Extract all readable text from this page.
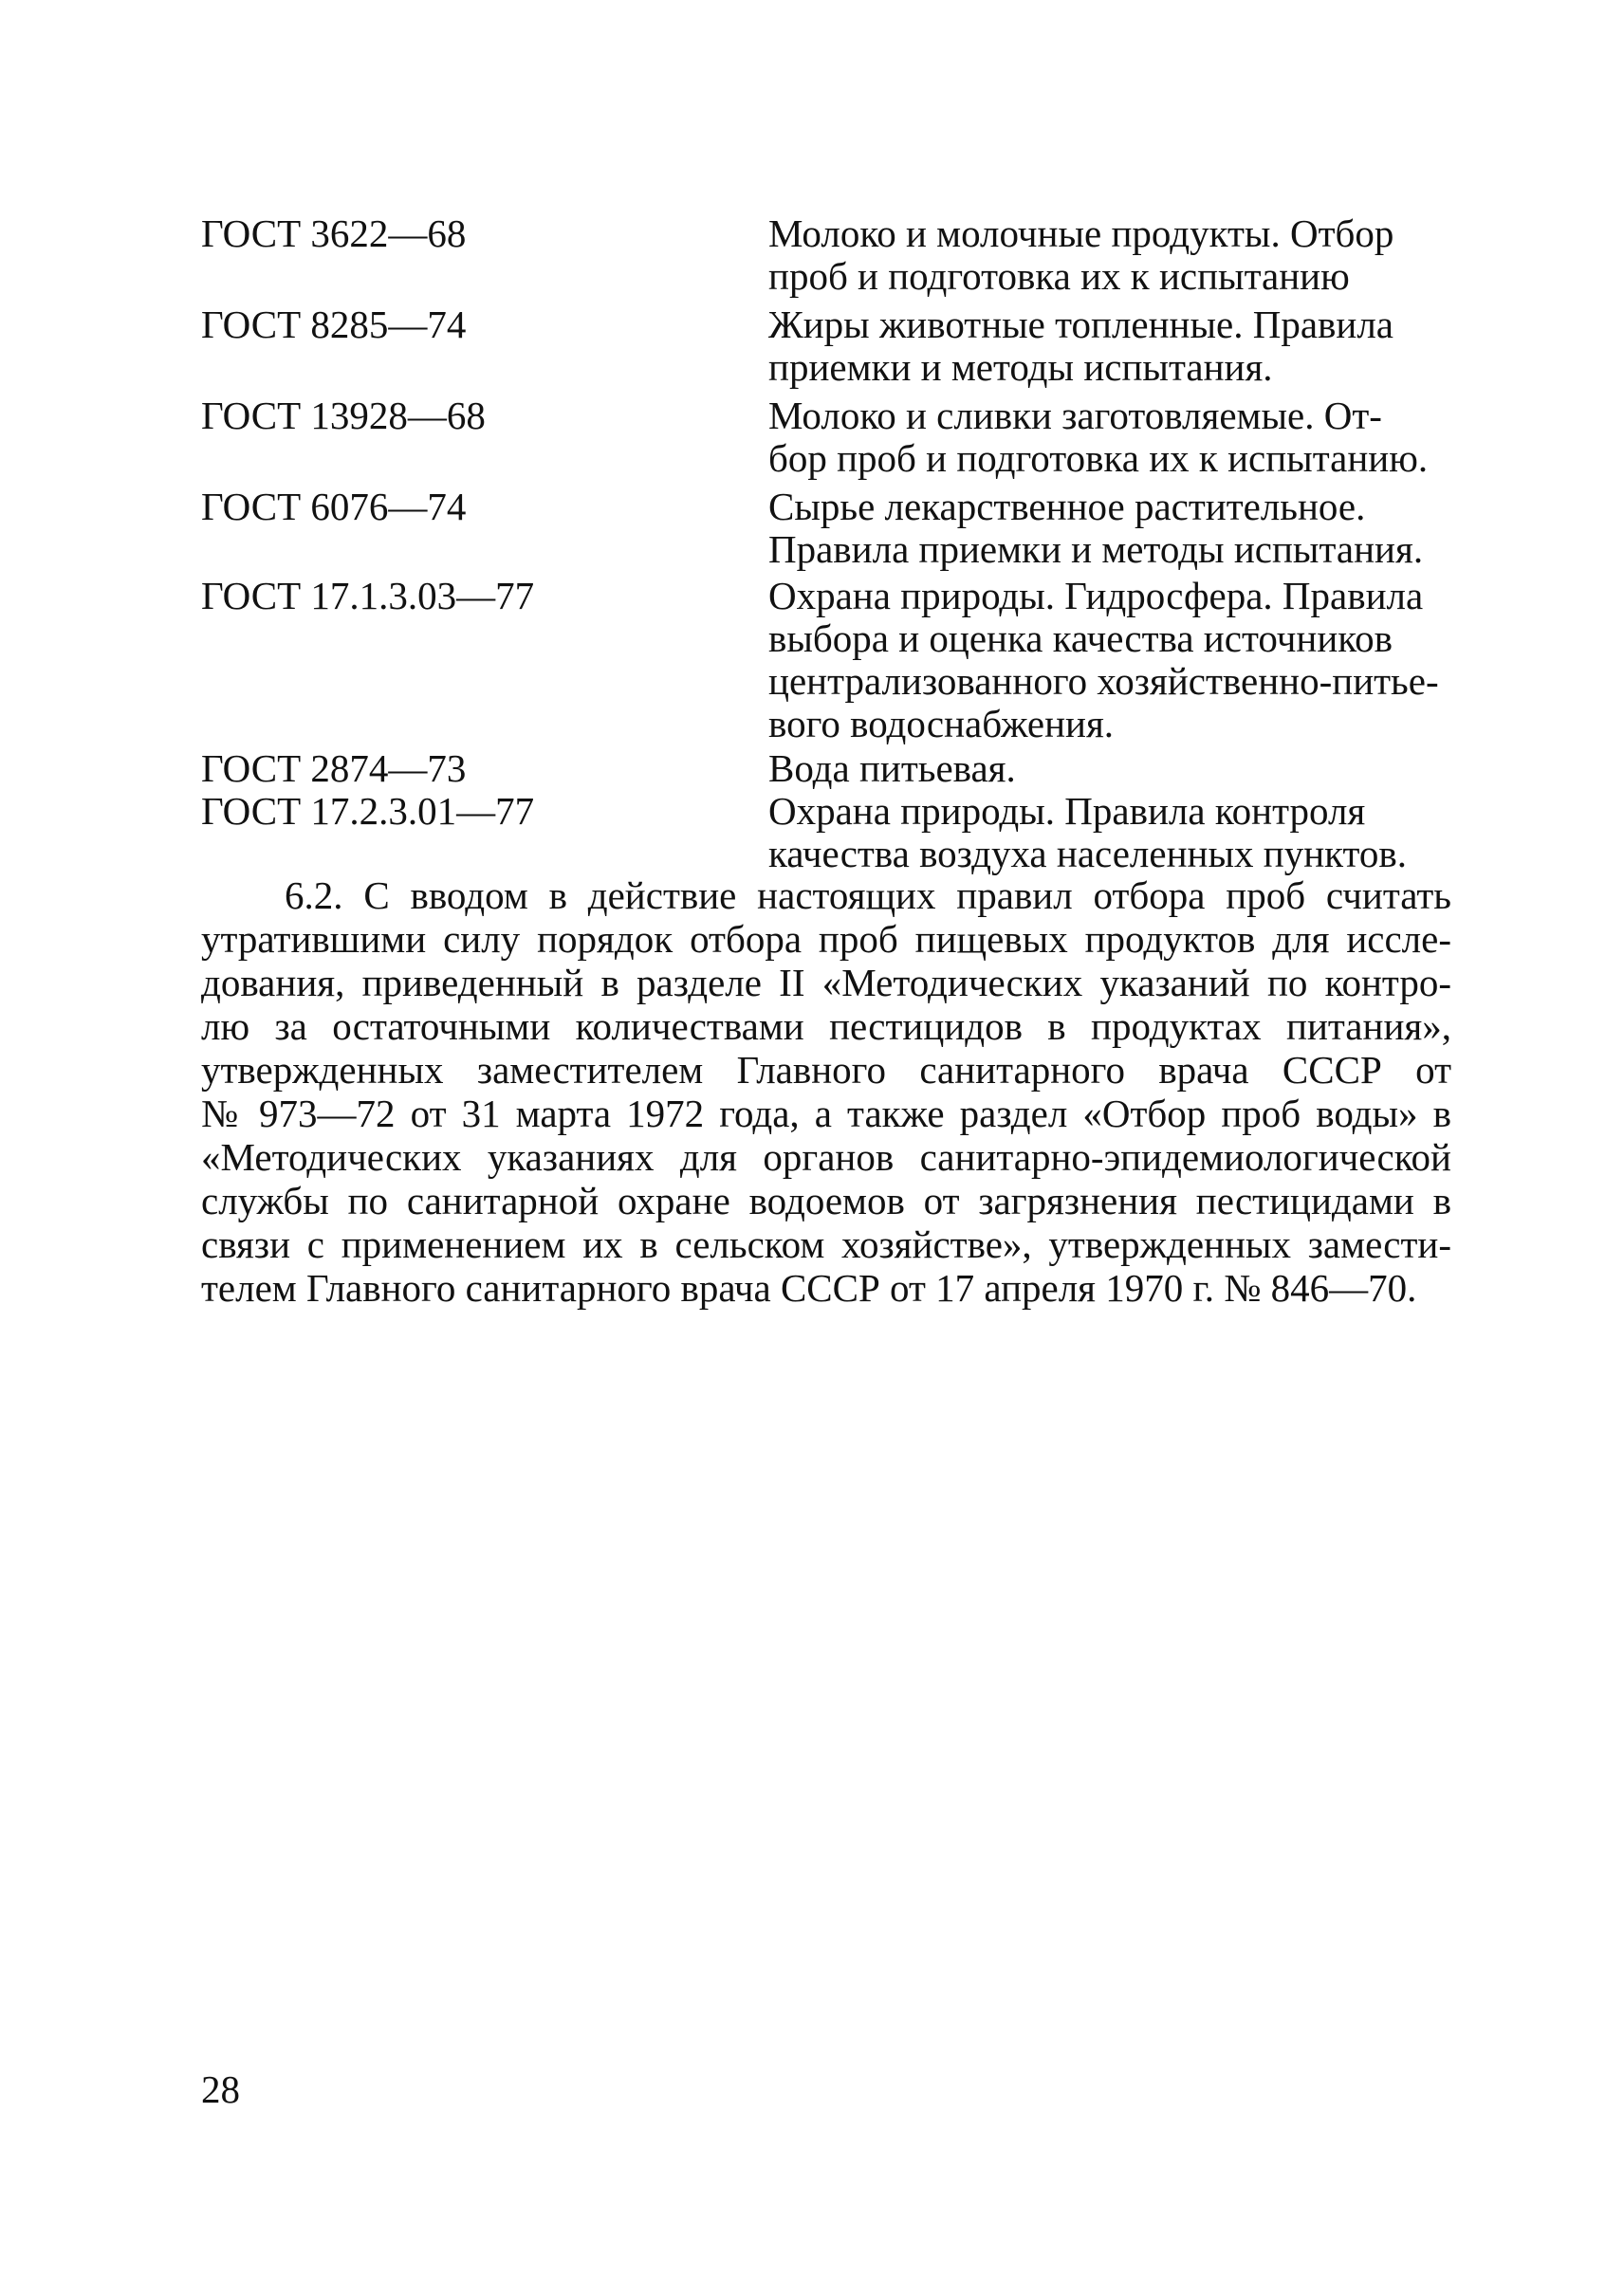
ГОСТ 3622—68	Молоко и молочные продукты. Отбор
проб и подготовка их к испытанию
ГОСТ 8285—74	Жиры животные топленные. Правила
приемки и методы испытания.
ГОСТ 13928—68	Молоко и сливки заготовляемые. От-
бор проб и подготовка их к испытанию.
ГОСТ 6076—74	Сырье лекарственное растительное.
Правила приемки и методы испытания.
ГОСТ 17.1.3.03—77	Охрана природы. Гидросфера. Правила
выбора и оценка качества источников
централизованного хозяйственно-питье-
вого водоснабжения.
ГОСТ 2874—73	Вода питьевая.
ГОСТ 17.2.3.01—77	Охрана природы. Правила контроля
качества воздуха населенных пунктов.
6.2. С вводом в действие настоящих правил отбора проб считать
утратившими силу порядок отбора проб пищевых продуктов для иссле-
дования, приведенный в разделе II «Методических указаний по контро-
лю за остаточными количествами пестицидов в продуктах питания»,
утвержденных заместителем Главного санитарного врача СССР от
№ 973—72 от 31 марта 1972 года, а также раздел «Отбор проб воды» в
«Методических указаниях для органов санитарно-эпидемиологической
службы по санитарной охране водоемов от загрязнения пестицидами в
связи с применением их в сельском хозяйстве», утвержденных замести-
телем Главного санитарного врача СССР от 17 апреля 1970 г. № 846—70.
28
